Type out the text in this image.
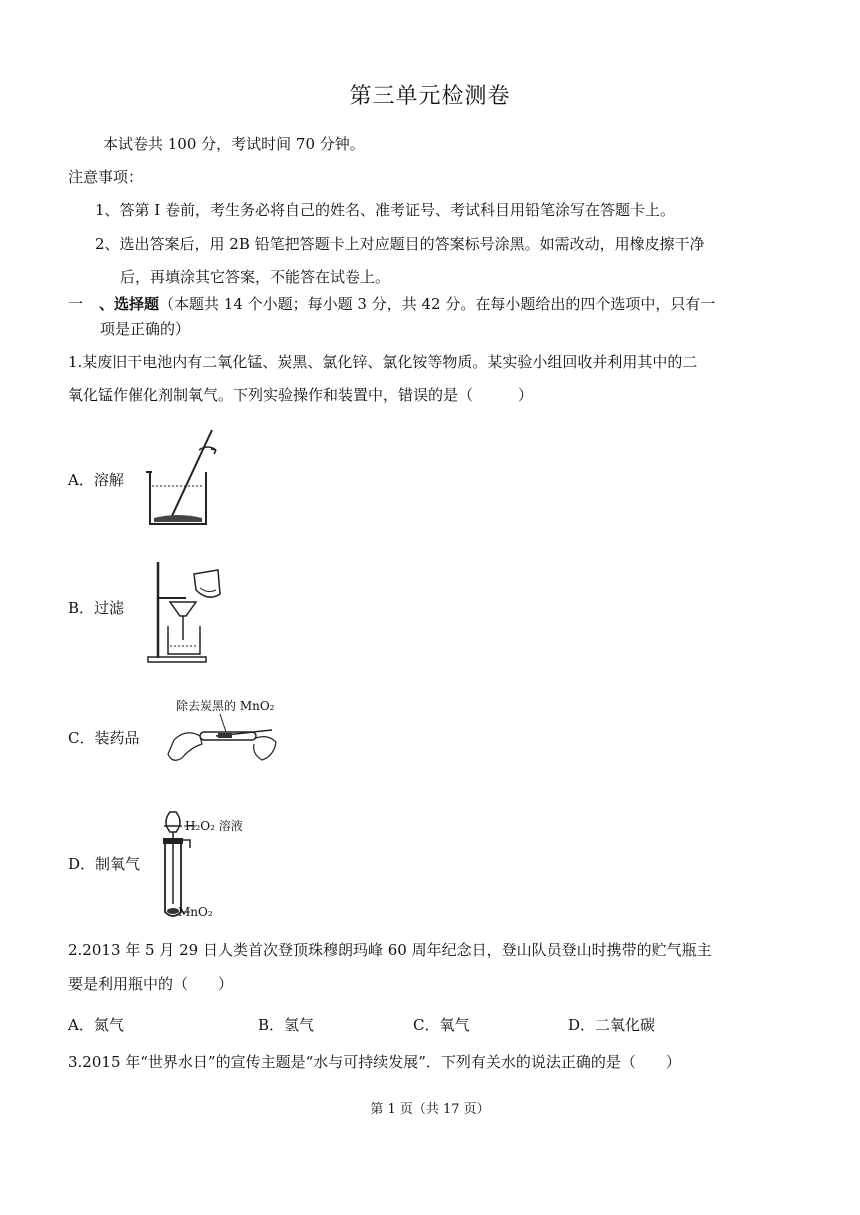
第三单元检测卷
本试卷共 100 分，考试时间 70 分钟。
注意事项：
1、答第 I 卷前，考生务必将自己的姓名、准考证号、考试科目用铅笔涂写在答题卡上。
2、选出答案后，用 2B 铅笔把答题卡上对应题目的答案标号涂黑。如需改动，用橡皮擦干净
后，再填涂其它答案，不能答在试卷上。
一 、选择题（本题共 14 个小题；每小题 3 分，共 42 分。在每小题给出的四个选项中，只有一
项是正确的）
1.某废旧干电池内有二氧化锰、炭黑、氯化锌、氯化铵等物质。某实验小组回收并利用其中的二
氧化锰作催化剂制氧气。下列实验操作和装置中，错误的是（　　　）
A．溶解
B．过滤
C．装药品
除去炭黑的 MnO₂
D．制氧气
H₂O₂ 溶液
MnO₂
2.2013 年 5 月 29 日人类首次登顶珠穆朗玛峰 60 周年纪念日，登山队员登山时携带的贮气瓶主
要是利用瓶中的（　　）
A．氮气	B．氢气	C．氧气	D．二氧化碳
3.2015 年“世界水日”的宣传主题是“水与可持续发展”．下列有关水的说法正确的是（　　）
第 1 页（共 17 页）
